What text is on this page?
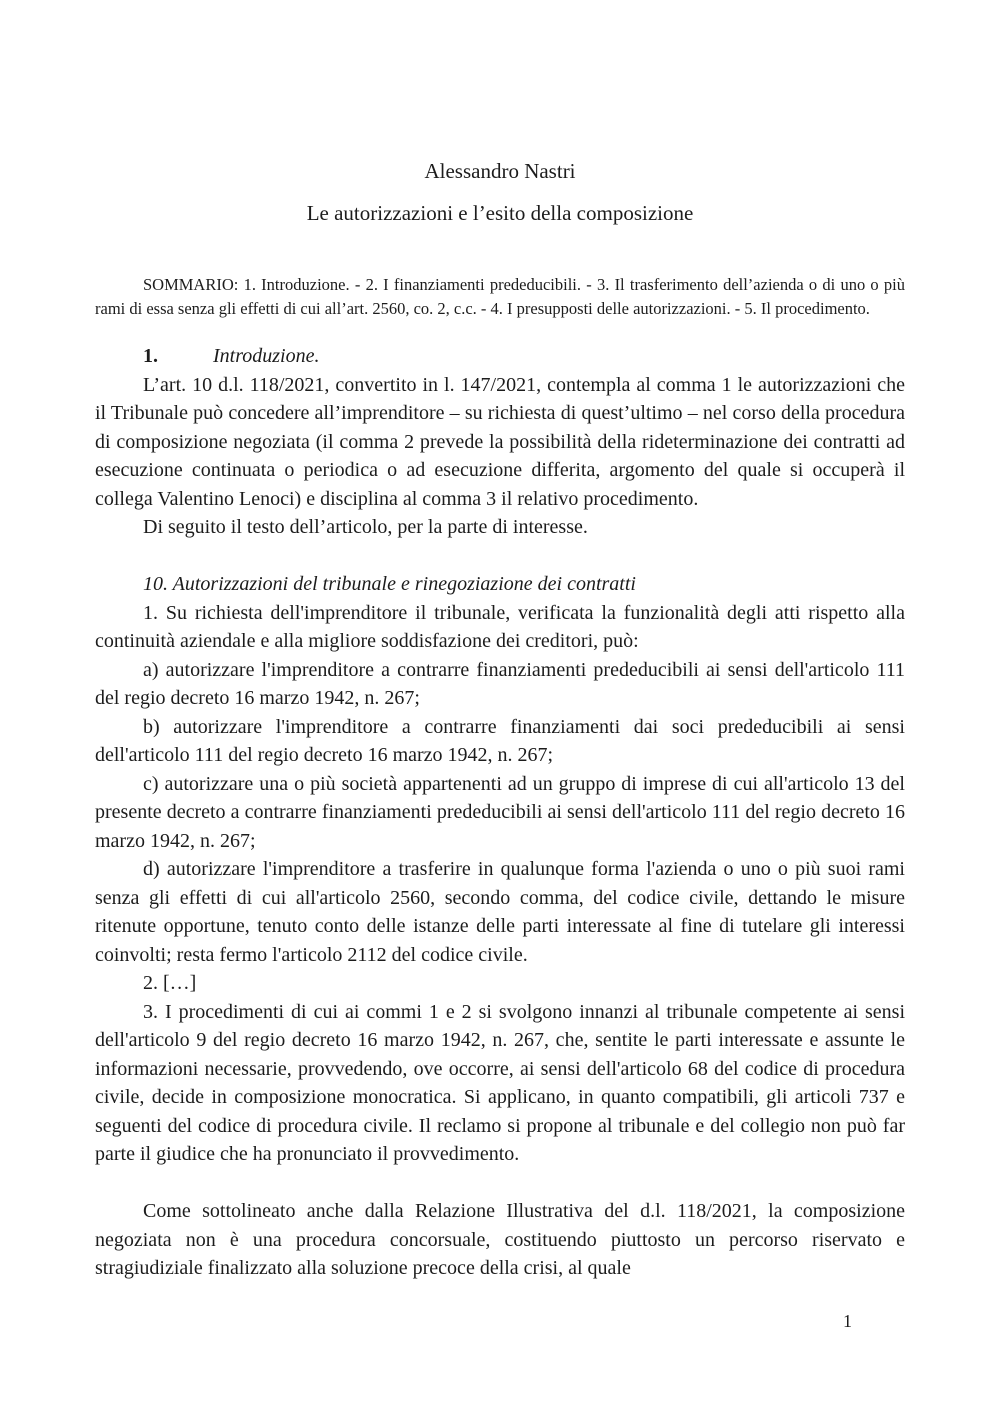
Alessandro Nastri

Le autorizzazioni e l’esito della composizione

SOMMARIO: 1. Introduzione. - 2. I finanziamenti prededucibili. - 3. Il trasferimento dell’azienda o di uno o più rami di essa senza gli effetti di cui all’art. 2560, co. 2, c.c. - 4. I presupposti delle autorizzazioni. - 5. Il procedimento.

1.	Introduzione.

L’art. 10 d.l. 118/2021, convertito in l. 147/2021, contempla al comma 1 le autorizzazioni che il Tribunale può concedere all’imprenditore – su richiesta di quest’ultimo – nel corso della procedura di composizione negoziata (il comma 2 prevede la possibilità della rideterminazione dei contratti ad esecuzione continuata o periodica o ad esecuzione differita, argomento del quale si occuperà il collega Valentino Lenoci) e disciplina al comma 3 il relativo procedimento.

Di seguito il testo dell’articolo, per la parte di interesse.

10. Autorizzazioni del tribunale e rinegoziazione dei contratti

1. Su richiesta dell'imprenditore il tribunale, verificata la funzionalità degli atti rispetto alla continuità aziendale e alla migliore soddisfazione dei creditori, può:

a) autorizzare l'imprenditore a contrarre finanziamenti prededucibili ai sensi dell'articolo 111 del regio decreto 16 marzo 1942, n. 267;

b) autorizzare l'imprenditore a contrarre finanziamenti dai soci prededucibili ai sensi dell'articolo 111 del regio decreto 16 marzo 1942, n. 267;

c) autorizzare una o più società appartenenti ad un gruppo di imprese di cui all'articolo 13 del presente decreto a contrarre finanziamenti prededucibili ai sensi dell'articolo 111 del regio decreto 16 marzo 1942, n. 267;

d) autorizzare l'imprenditore a trasferire in qualunque forma l'azienda o uno o più suoi rami senza gli effetti di cui all'articolo 2560, secondo comma, del codice civile, dettando le misure ritenute opportune, tenuto conto delle istanze delle parti interessate al fine di tutelare gli interessi coinvolti; resta fermo l'articolo 2112 del codice civile.

2. […]

3. I procedimenti di cui ai commi 1 e 2 si svolgono innanzi al tribunale competente ai sensi dell'articolo 9 del regio decreto 16 marzo 1942, n. 267, che, sentite le parti interessate e assunte le informazioni necessarie, provvedendo, ove occorre, ai sensi dell'articolo 68 del codice di procedura civile, decide in composizione monocratica. Si applicano, in quanto compatibili, gli articoli 737 e seguenti del codice di procedura civile. Il reclamo si propone al tribunale e del collegio non può far parte il giudice che ha pronunciato il provvedimento.

Come sottolineato anche dalla Relazione Illustrativa del d.l. 118/2021, la composizione negoziata non è una procedura concorsuale, costituendo piuttosto un percorso riservato e stragiudiziale finalizzato alla soluzione precoce della crisi, al quale

1
